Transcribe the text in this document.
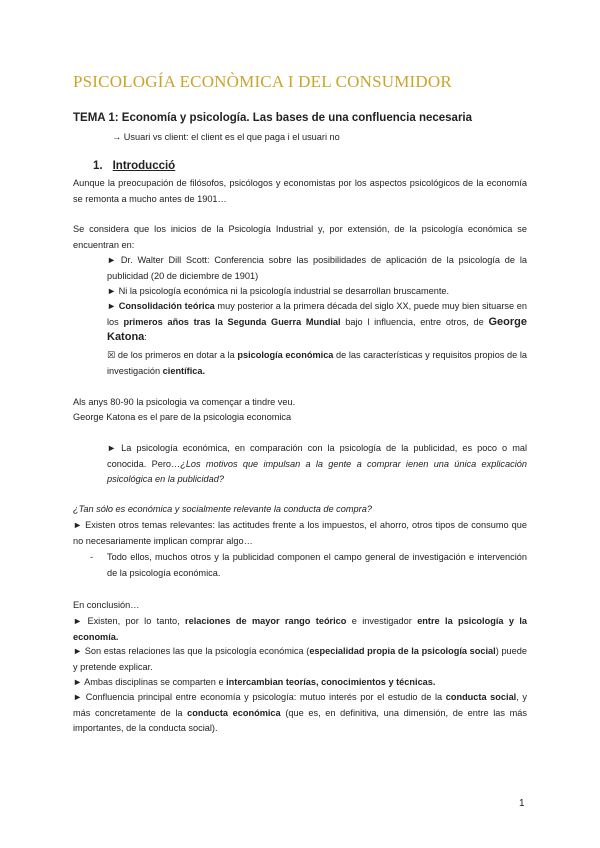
PSICOLOGÍA ECONÒMICA I DEL CONSUMIDOR
TEMA 1: Economía y psicología. Las bases de una confluencia necesaria
→ Usuari vs client: el client es el que paga i el usuari no
1. Introducció
Aunque la preocupación de filósofos, psicólogos y economistas por los aspectos psicológicos de la economía se remonta a mucho antes de 1901…
Se considera que los inicios de la Psicología Industrial y, por extensión, de la psicología económica se encuentran en:
► Dr. Walter Dill Scott: Conferencia sobre las posibilidades de aplicación de la psicología de la publicidad (20 de diciembre de 1901)
► Ni la psicología económica ni la psicología industrial se desarrollan bruscamente.
► Consolidación teórica muy posterior a la primera década del siglo XX, puede muy bien situarse en los primeros años tras la Segunda Guerra Mundial bajo l influencia, entre otros, de George Katona:
☒ de los primeros en dotar a la psicología económica de las características y requisitos propios de la investigación científica.
Als anys 80-90 la psicologia va començar a tindre veu.
George Katona es el pare de la psicologia economica
► La psicología económica, en comparación con la psicología de la publicidad, es poco o mal conocida. Pero…¿Los motivos que impulsan a la gente a comprar ienen una única explicación psicológica en la publicidad?
¿Tan sólo es económica y socialmente relevante la conducta de compra?
► Existen otros temas relevantes: las actitudes frente a los impuestos, el ahorro, otros tipos de consumo que no necesariamente implican comprar algo…
- Todo ellos, muchos otros y la publicidad componen el campo general de investigación e intervención de la psicología económica.
En conclusión…
► Existen, por lo tanto, relaciones de mayor rango teórico e investigador entre la psicología y la economía.
► Son estas relaciones las que la psicología económica (especialidad propia de la psicología social) puede y pretende explicar.
► Ambas disciplinas se comparten e intercambian teorías, conocimientos y técnicas.
► Confluencia principal entre economía y psicología: mutuo interés por el estudio de la conducta social, y más concretamente de la conducta económica (que es, en definitiva, una dimensión, de entre las más importantes, de la conducta social).
1
